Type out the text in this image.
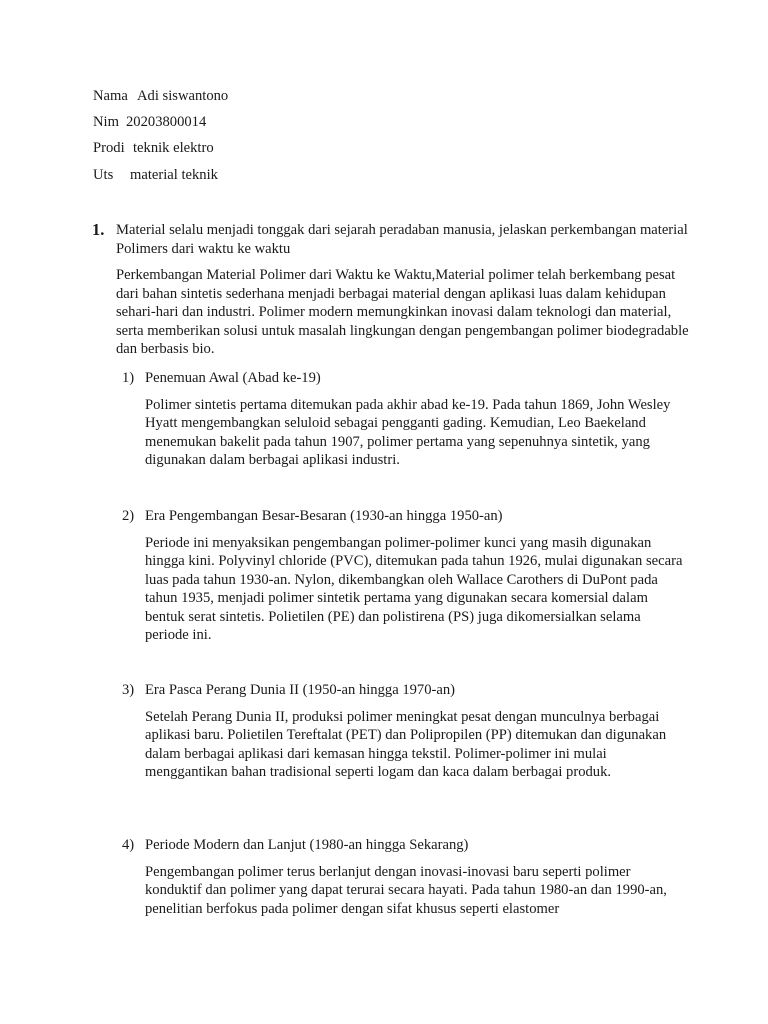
Nama Adi siswantono
Nim 20203800014
Prodi teknik elektro
Uts material teknik
1. Material selalu menjadi tonggak dari sejarah peradaban manusia, jelaskan perkembangan material Polimers dari waktu ke waktu

Perkembangan Material Polimer dari Waktu ke Waktu,Material polimer telah berkembang pesat dari bahan sintetis sederhana menjadi berbagai material dengan aplikasi luas dalam kehidupan sehari-hari dan industri. Polimer modern memungkinkan inovasi dalam teknologi dan material, serta memberikan solusi untuk masalah lingkungan dengan pengembangan polimer biodegradable dan berbasis bio.

1) Penemuan Awal (Abad ke-19)

Polimer sintetis pertama ditemukan pada akhir abad ke-19. Pada tahun 1869, John Wesley Hyatt mengembangkan seluloid sebagai pengganti gading. Kemudian, Leo Baekeland menemukan bakelit pada tahun 1907, polimer pertama yang sepenuhnya sintetik, yang digunakan dalam berbagai aplikasi industri.

2) Era Pengembangan Besar-Besaran (1930-an hingga 1950-an)

Periode ini menyaksikan pengembangan polimer-polimer kunci yang masih digunakan hingga kini. Polyvinyl chloride (PVC), ditemukan pada tahun 1926, mulai digunakan secara luas pada tahun 1930-an. Nylon, dikembangkan oleh Wallace Carothers di DuPont pada tahun 1935, menjadi polimer sintetik pertama yang digunakan secara komersial dalam bentuk serat sintetis. Polietilen (PE) dan polistirena (PS) juga dikomersialkan selama periode ini.

3) Era Pasca Perang Dunia II (1950-an hingga 1970-an)

Setelah Perang Dunia II, produksi polimer meningkat pesat dengan munculnya berbagai aplikasi baru. Polietilen Tereftalat (PET) dan Polipropilen (PP) ditemukan dan digunakan dalam berbagai aplikasi dari kemasan hingga tekstil. Polimer-polimer ini mulai menggantikan bahan tradisional seperti logam dan kaca dalam berbagai produk.

4) Periode Modern dan Lanjut (1980-an hingga Sekarang)

Pengembangan polimer terus berlanjut dengan inovasi-inovasi baru seperti polimer konduktif dan polimer yang dapat terurai secara hayati. Pada tahun 1980-an dan 1990-an, penelitian berfokus pada polimer dengan sifat khusus seperti elastomer
